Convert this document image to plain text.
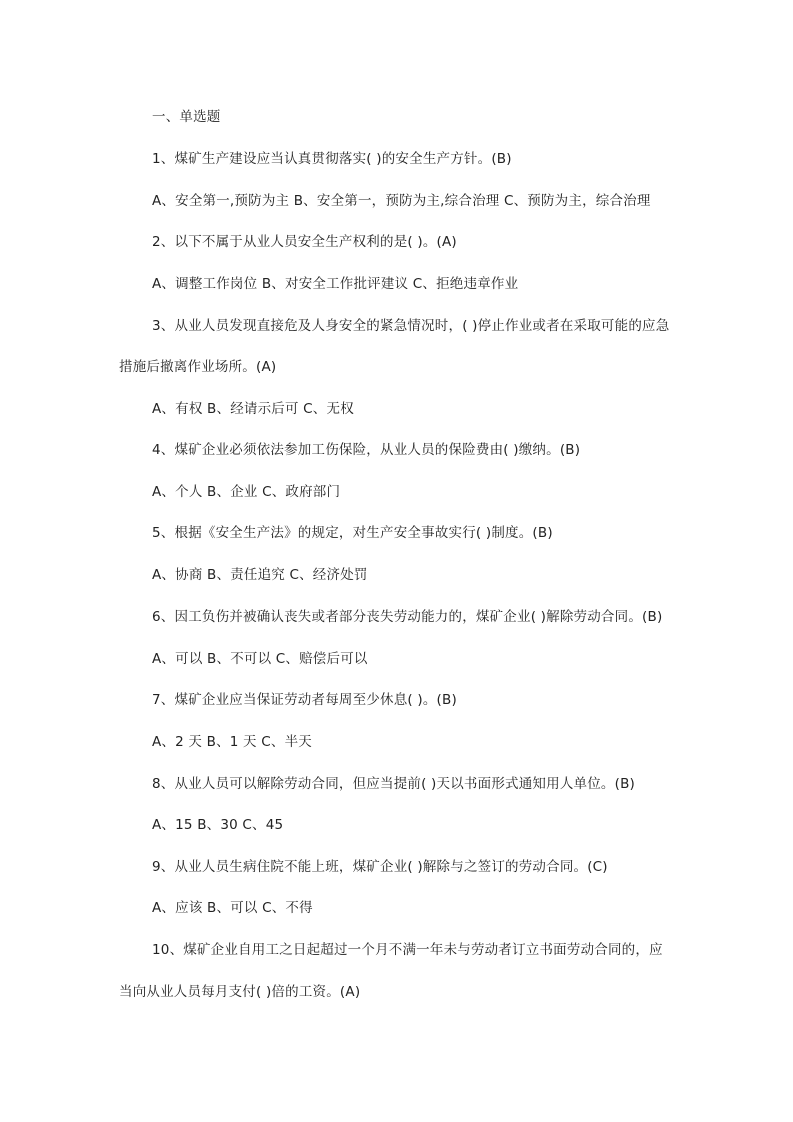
一、单选题
1、煤矿生产建设应当认真贯彻落实( )的安全生产方针。(B)
A、安全第一,预防为主 B、安全第一，预防为主,综合治理 C、预防为主，综合治理
2、以下不属于从业人员安全生产权利的是( )。(A)
A、调整工作岗位 B、对安全工作批评建议 C、拒绝违章作业
3、从业人员发现直接危及人身安全的紧急情况时，( )停止作业或者在采取可能的应急
措施后撤离作业场所。(A)
A、有权 B、经请示后可 C、无权
4、煤矿企业必须依法参加工伤保险，从业人员的保险费由( )缴纳。(B)
A、个人 B、企业 C、政府部门
5、根据《安全生产法》的规定，对生产安全事故实行( )制度。(B)
A、协商 B、责任追究 C、经济处罚
6、因工负伤并被确认丧失或者部分丧失劳动能力的，煤矿企业( )解除劳动合同。(B)
A、可以 B、不可以 C、赔偿后可以
7、煤矿企业应当保证劳动者每周至少休息( )。(B)
A、2 天 B、1 天 C、半天
8、从业人员可以解除劳动合同，但应当提前( )天以书面形式通知用人单位。(B)
A、15 B、30 C、45
9、从业人员生病住院不能上班，煤矿企业( )解除与之签订的劳动合同。(C)
A、应该 B、可以 C、不得
10、煤矿企业自用工之日起超过一个月不满一年未与劳动者订立书面劳动合同的，应
当向从业人员每月支付( )倍的工资。(A)
